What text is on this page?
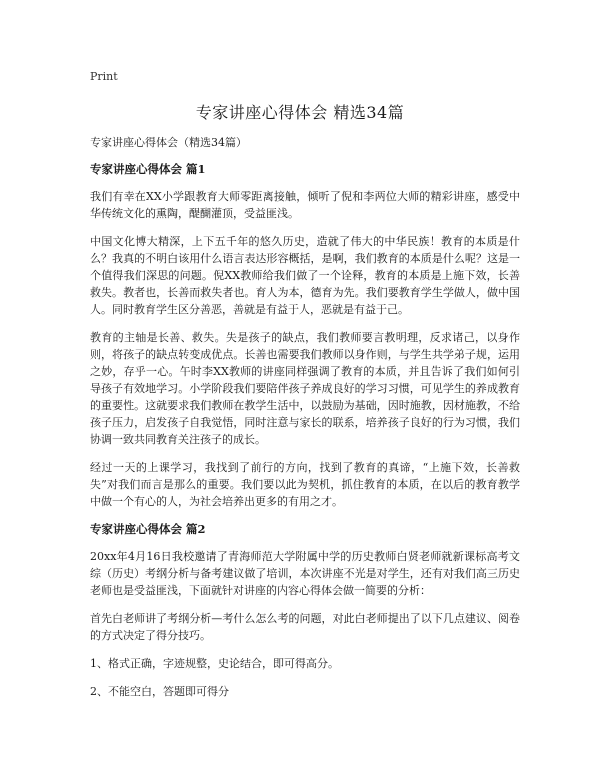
Print
专家讲座心得体会 精选34篇

专家讲座心得体会（精选34篇）

专家讲座心得体会 篇1

我们有幸在XX小学跟教育大师零距离接触，倾听了倪和李两位大师的精彩讲座，感受中华传统文化的熏陶，醍醐灌顶，受益匪浅。

中国文化博大精深，上下五千年的悠久历史，造就了伟大的中华民族！教育的本质是什么？我真的不明白该用什么语言表达形容概括，是啊，我们教育的本质是什么呢？这是一个值得我们深思的问题。倪XX教师给我们做了一个诠释，教育的本质是上施下效，长善救失。教者也，长善而救失者也。育人为本，德育为先。我们要教育学生学做人，做中国人。同时教育学生区分善恶，善就是有益于人，恶就是有益于己。

教育的主轴是长善、救失。失是孩子的缺点，我们教师要言教明理，反求诸己，以身作则，将孩子的缺点转变成优点。长善也需要我们教师以身作则，与学生共学弟子规，运用之妙，存乎一心。午时李XX教师的讲座同样强调了教育的本质，并且告诉了我们如何引导孩子有效地学习。小学阶段我们要陪伴孩子养成良好的学习习惯，可见学生的养成教育的重要性。这就要求我们教师在教学生活中，以鼓励为基础，因时施教，因材施教，不给孩子压力，启发孩子自我觉悟，同时注意与家长的联系，培养孩子良好的行为习惯，我们协调一致共同教育关注孩子的成长。

经过一天的上课学习，我找到了前行的方向，找到了教育的真谛，“上施下效，长善救失”对我们而言是那么的重要。我们要以此为契机，抓住教育的本质，在以后的教育教学中做一个有心的人，为社会培养出更多的有用之才。

专家讲座心得体会 篇2

20xx年4月16日我校邀请了青海师范大学附属中学的历史教师白贤老师就新课标高考文综（历史）考纲分析与备考建议做了培训，本次讲座不光是对学生，还有对我们高三历史老师也是受益匪浅，下面就针对讲座的内容心得体会做一简要的分析：

首先白老师讲了考纲分析—考什么怎么考的问题，对此白老师提出了以下几点建议、阅卷的方式决定了得分技巧。

1、格式正确，字迹规整，史论结合，即可得高分。

2、不能空白，答题即可得分
